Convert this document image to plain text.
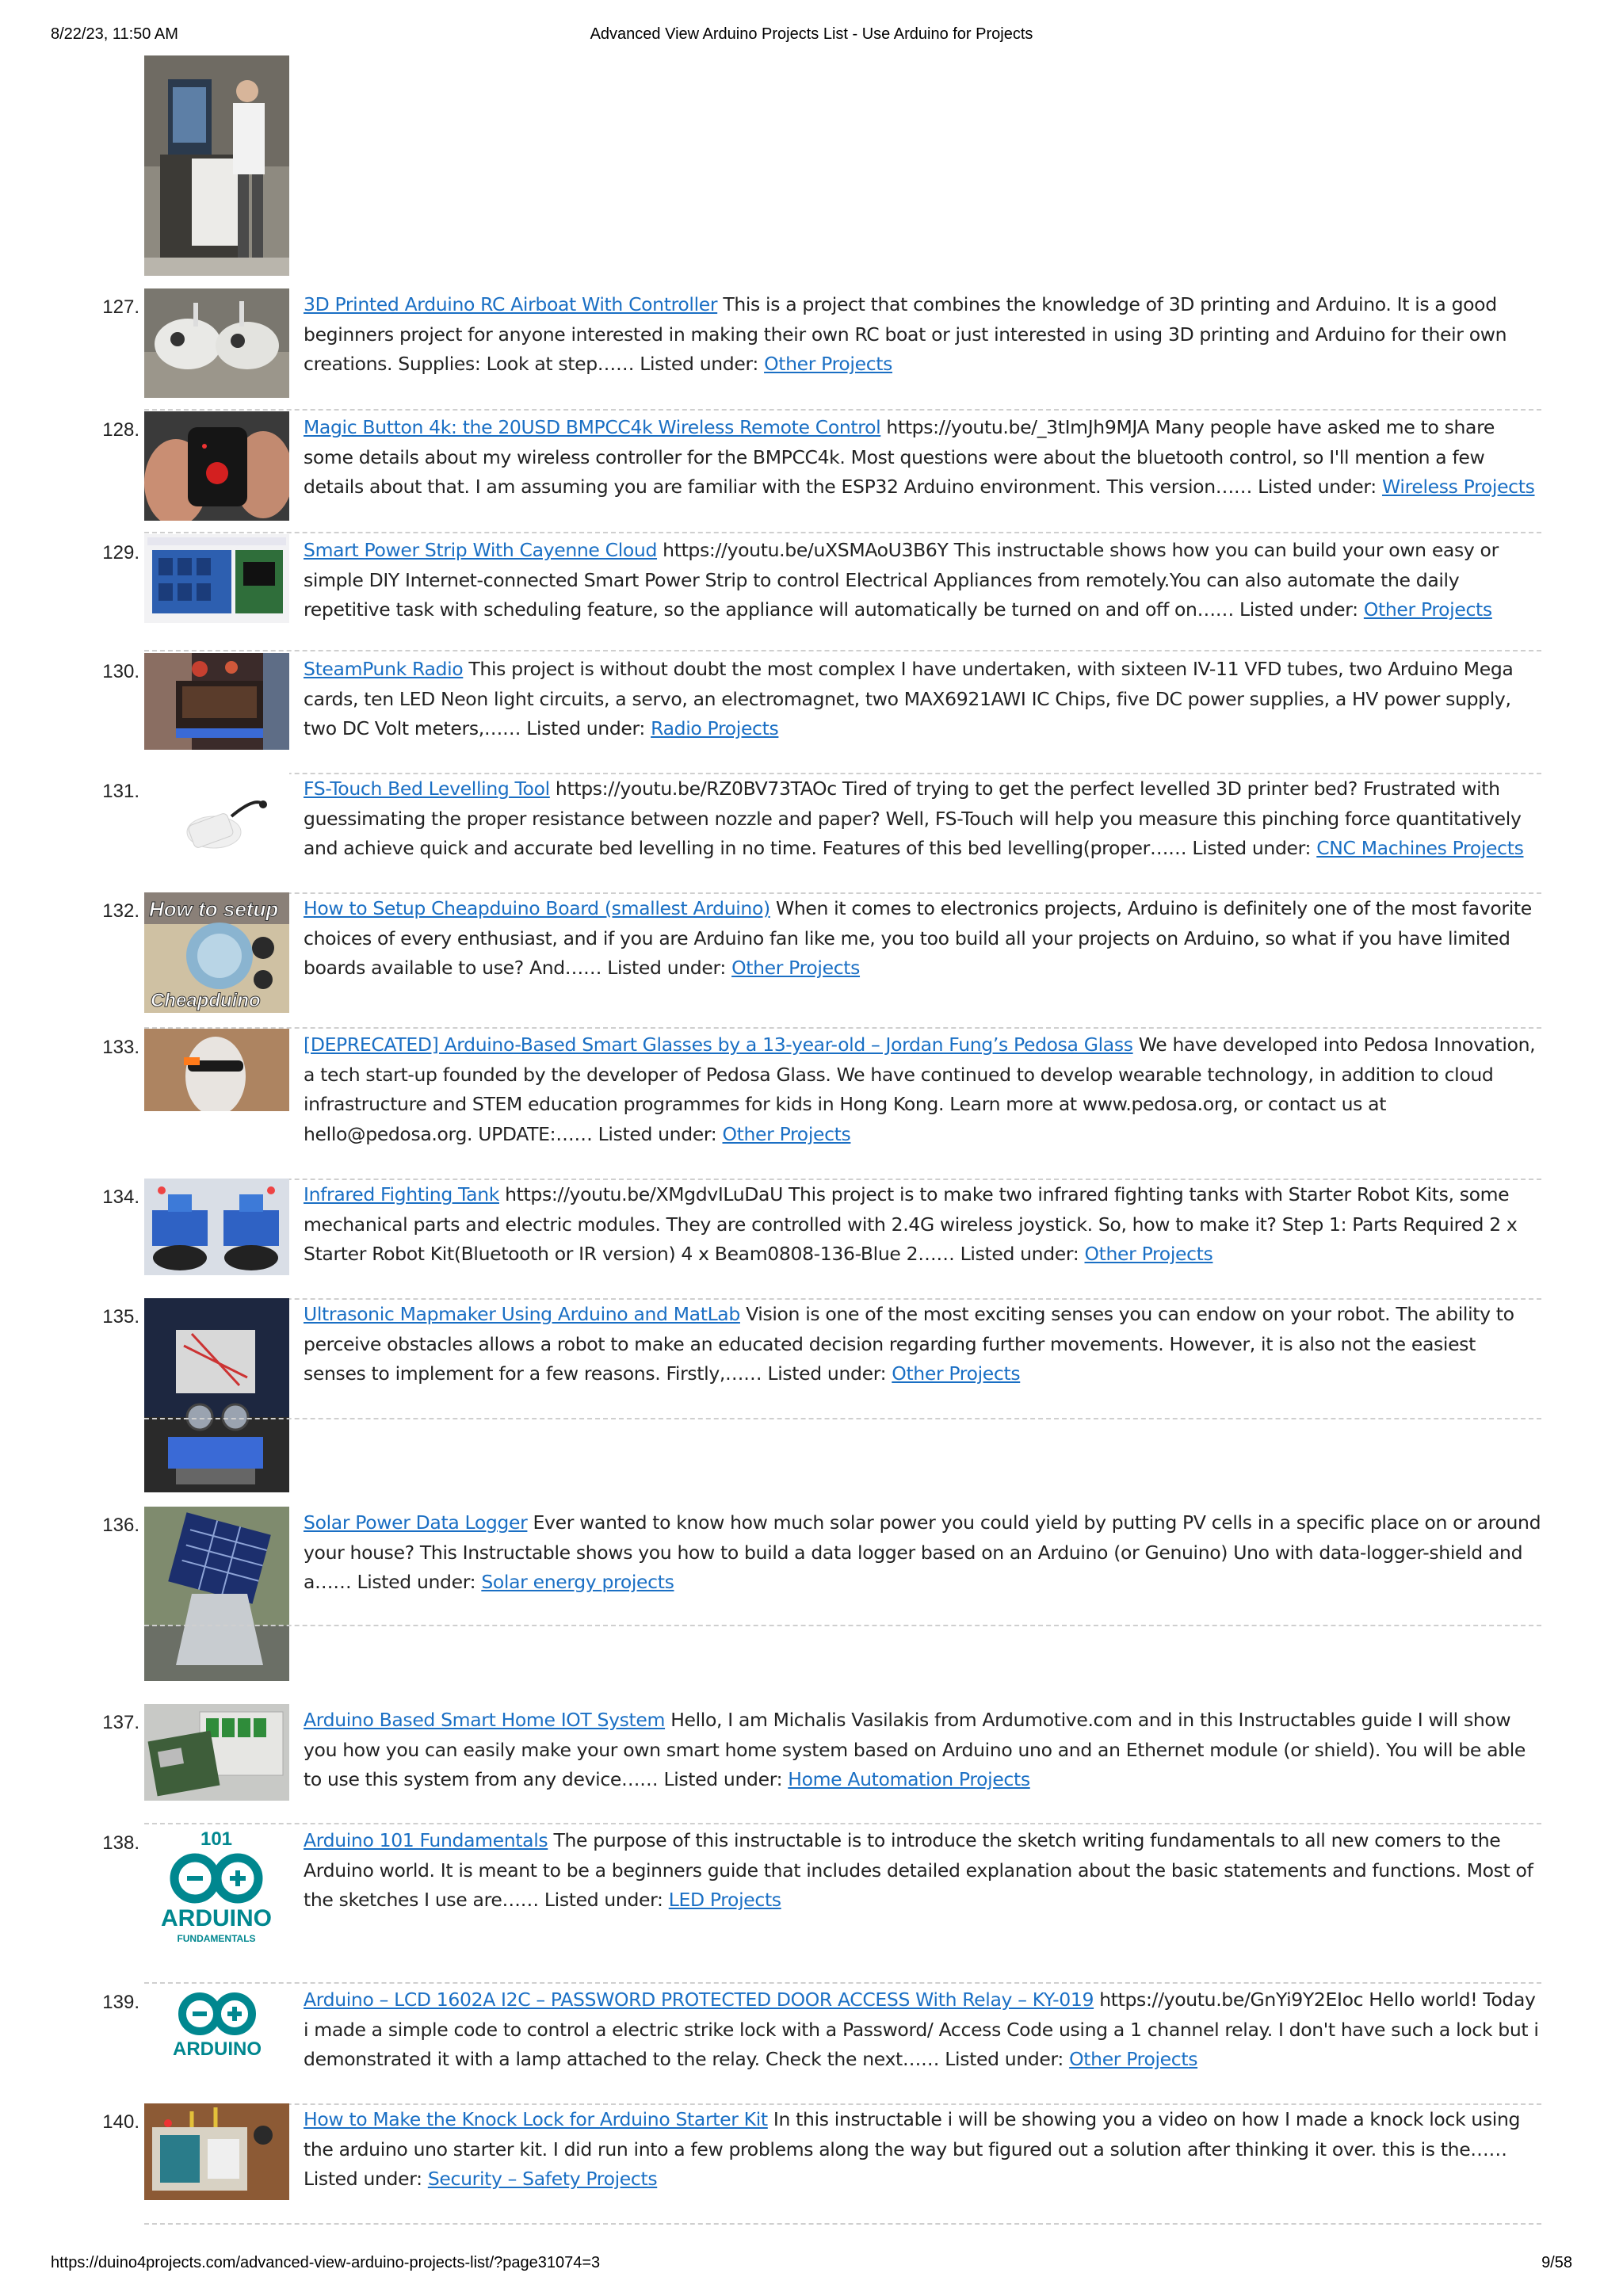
8/22/23, 11:50 AM	Advanced View Arduino Projects List - Use Arduino for Projects
127.	3D Printed Arduino RC Airboat With Controller This is a project that combines the knowledge of 3D printing and Arduino. It is a good beginners project for anyone interested in making their own RC boat or just interested in using 3D printing and Arduino for their own creations. Supplies: Look at step…… Listed under: Other Projects
128.	Magic Button 4k: the 20USD BMPCC4k Wireless Remote Control https://youtu.be/_3tImJh9MJA Many people have asked me to share some details about my wireless controller for the BMPCC4k. Most questions were about the bluetooth control, so I'll mention a few details about that. I am assuming you are familiar with the ESP32 Arduino environment. This version…… Listed under: Wireless Projects
129.	Smart Power Strip With Cayenne Cloud https://youtu.be/uXSMAoU3B6Y This instructable shows how you can build your own easy or simple DIY Internet-connected Smart Power Strip to control Electrical Appliances from remotely.You can also automate the daily repetitive task with scheduling feature, so the appliance will automatically be turned on and off on…… Listed under: Other Projects
130.	SteamPunk Radio This project is without doubt the most complex I have undertaken, with sixteen IV-11 VFD tubes, two Arduino Mega cards, ten LED Neon light circuits, a servo, an electromagnet, two MAX6921AWI IC Chips, five DC power supplies, a HV power supply, two DC Volt meters,…… Listed under: Radio Projects
131.	FS-Touch Bed Levelling Tool https://youtu.be/RZ0BV73TAOc Tired of trying to get the perfect levelled 3D printer bed? Frustrated with guessimating the proper resistance between nozzle and paper? Well, FS-Touch will help you measure this pinching force quantitatively and achieve quick and accurate bed levelling in no time. Features of this bed levelling(proper…… Listed under: CNC Machines Projects
132. How to setup
Cheapduino
How to Setup Cheapduino Board (smallest Arduino) When it comes to electronics projects, Arduino is definitely one of the most favorite choices of every enthusiast, and if you are Arduino fan like me, you too build all your projects on Arduino, so what if you have limited boards available to use? And…… Listed under: Other Projects
133.	[DEPRECATED] Arduino-Based Smart Glasses by a 13-year-old – Jordan Fung’s Pedosa Glass We have developed into Pedosa Innovation, a tech start-up founded by the developer of Pedosa Glass. We have continued to develop wearable technology, in addition to cloud infrastructure and STEM education programmes for kids in Hong Kong. Learn more at www.pedosa.org, or contact us at hello@pedosa.org. UPDATE:…… Listed under: Other Projects
134.	Infrared Fighting Tank https://youtu.be/XMgdvILuDaU This project is to make two infrared fighting tanks with Starter Robot Kits, some mechanical parts and electric modules. They are controlled with 2.4G wireless joystick. So, how to make it? Step 1: Parts Required 2 x Starter Robot Kit(Bluetooth or IR version) 4 x Beam0808-136-Blue 2…… Listed under: Other Projects
135.	Ultrasonic Mapmaker Using Arduino and MatLab Vision is one of the most exciting senses you can endow on your robot. The ability to perceive obstacles allows a robot to make an educated decision regarding further movements. However, it is also not the easiest senses to implement for a few reasons. Firstly,…… Listed under: Other Projects
136.	Solar Power Data Logger Ever wanted to know how much solar power you could yield by putting PV cells in a specific place on or around your house? This Instructable shows you how to build a data logger based on an Arduino (or Genuino) Uno with data-logger-shield and a…… Listed under: Solar energy projects
137.	Arduino Based Smart Home IOT System Hello, I am Michalis Vasilakis from Ardumotive.com and in this Instructables guide I will show you how you can easily make your own smart home system based on Arduino uno and an Ethernet module (or shield). You will be able to use this system from any device…… Listed under: Home Automation Projects
138.	101
ARDUINO
FUNDAMENTALS
Arduino 101 Fundamentals The purpose of this instructable is to introduce the sketch writing fundamentals to all new comers to the Arduino world. It is meant to be a beginners guide that includes detailed explanation about the basic statements and functions. Most of the sketches I use are…… Listed under: LED Projects
139.
ARDUINO
Arduino – LCD 1602A I2C – PASSWORD PROTECTED DOOR ACCESS With Relay – KY-019 https://youtu.be/GnYi9Y2EIoc Hello world! Today i made a simple code to control a electric strike lock with a Password/ Access Code using a 1 channel relay. I don't have such a lock but i demonstrated it with a lamp attached to the relay. Check the next…… Listed under: Other Projects
140.	How to Make the Knock Lock for Arduino Starter Kit In this instructable i will be showing you a video on how I made a knock lock using the arduino uno starter kit. I did run into a few problems along the way but figured out a solution after thinking it over. this is the…… Listed under: Security – Safety Projects
https://duino4projects.com/advanced-view-arduino-projects-list/?page31074=3	9/58
